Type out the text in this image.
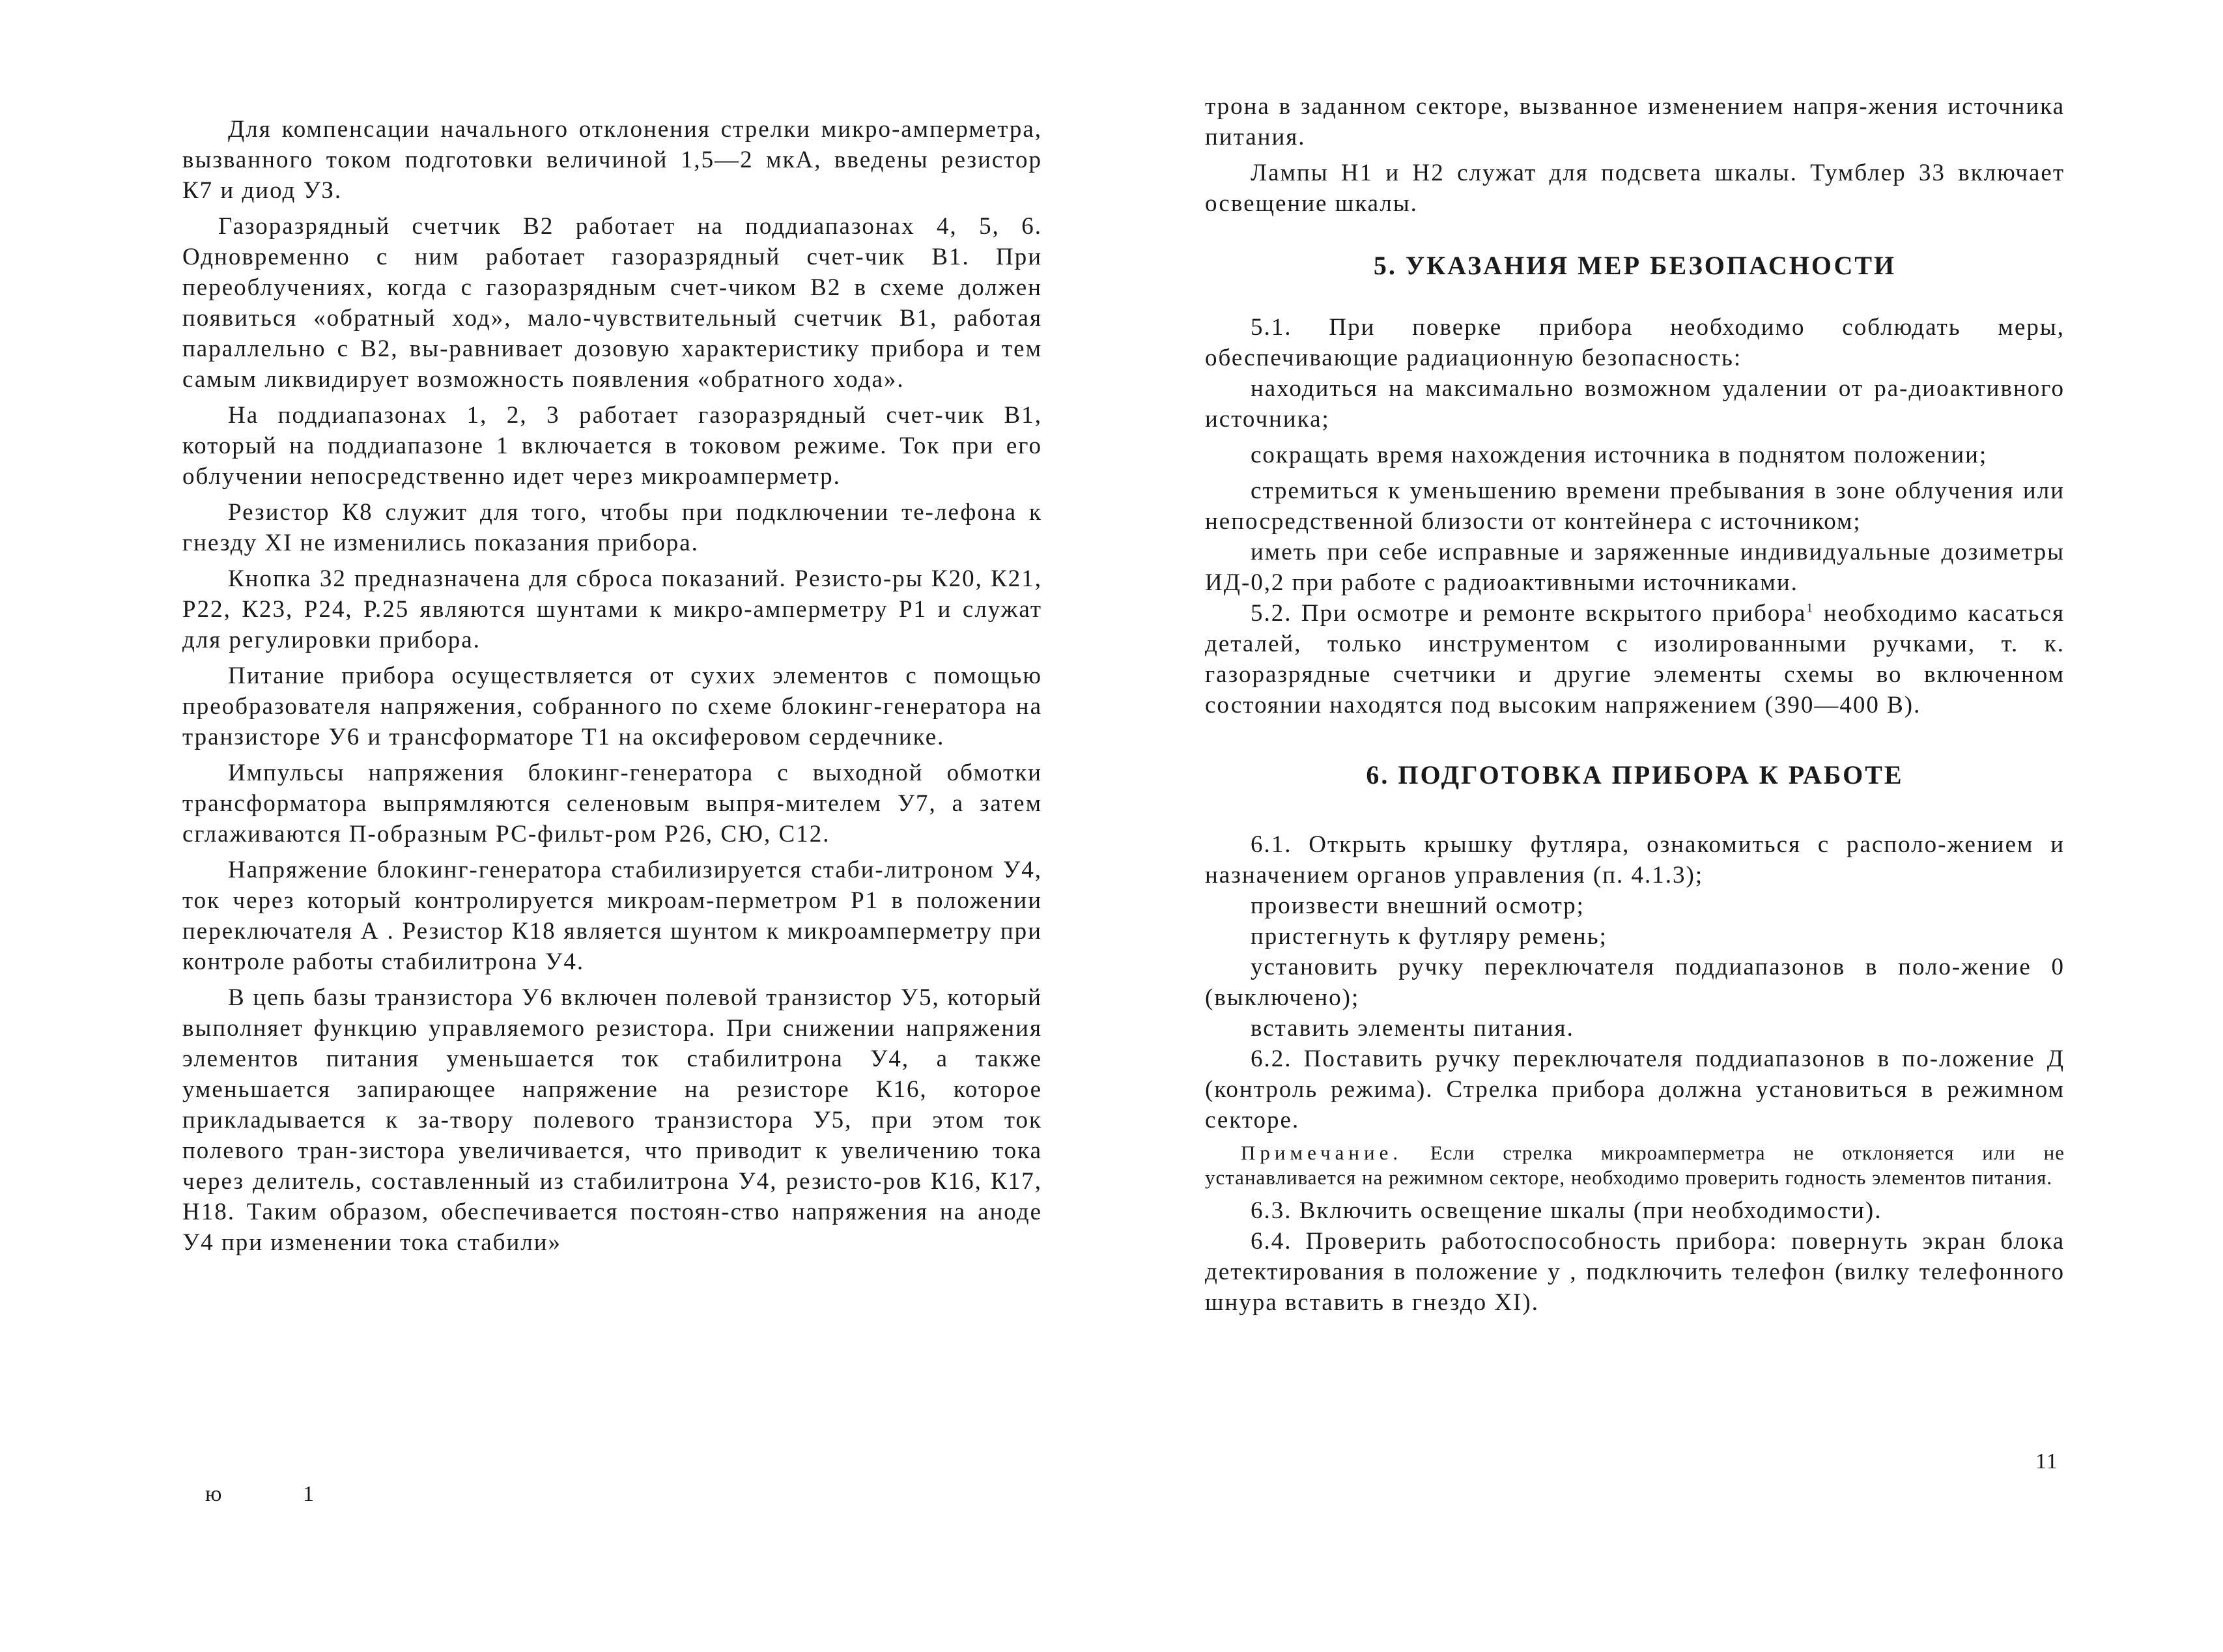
Для компенсации начального отклонения стрелки микро-амперметра, вызванного током подготовки величиной 1,5—2 мкА, введены резистор К7 и диод УЗ.

Газоразрядный счетчик В2 работает на поддиапазонах 4, 5, 6. Одновременно с ним работает газоразрядный счет-чик В1. При переоблучениях, когда с газоразрядным счет-чиком В2 в схеме должен появиться «обратный ход», мало-чувствительный счетчик В1, работая параллельно с В2, вы-равнивает дозовую характеристику прибора и тем самым ликвидирует возможность появления «обратного хода».

На поддиапазонах 1, 2, 3 работает газоразрядный счет-чик В1, который на поддиапазоне 1 включается в токовом режиме. Ток при его облучении непосредственно идет через микроамперметр.

Резистор К8 служит для того, чтобы при подключении те-лефона к гнезду XI не изменились показания прибора.

Кнопка 32 предназначена для сброса показаний. Резисто-ры К20, К21, Р22, К23, Р24, Р.25 являются шунтами к микро-амперметру Р1 и служат для регулировки прибора.

Питание прибора осуществляется от сухих элементов с помощью преобразователя напряжения, собранного по схеме блокинг-генератора на транзисторе У6 и трансформаторе Т1 на оксиферовом сердечнике.

Импульсы напряжения блокинг-генератора с выходной обмотки трансформатора выпрямляются селеновым выпря-мителем У7, а затем сглаживаются П-образным РС-фильт-ром Р26, СЮ, С12.

Напряжение блокинг-генератора стабилизируется стаби-литроном У4, ток через который контролируется микроам-перметром Р1 в положении переключателя А . Резистор К18 является шунтом к микроамперметру при контроле работы стабилитрона У4.

В цепь базы транзистора У6 включен полевой транзистор У5, который выполняет функцию управляемого резистора. При снижении напряжения элементов питания уменьшается ток стабилитрона У4, а также уменьшается запирающее напряжение на резисторе К16, которое прикладывается к за-твору полевого транзистора У5, при этом ток полевого тран-зистора увеличивается, что приводит к увеличению тока через делитель, составленный из стабилитрона У4, резисто-ров К16, К17, Н18. Таким образом, обеспечивается постоян-ство напряжения на аноде У4 при изменении тока стабили»

ю	1

трона в заданном секторе, вызванное изменением напря-жения источника питания.

Лампы Н1 и Н2 служат для подсвета шкалы. Тумблер 33 включает освещение шкалы.

5. УКАЗАНИЯ МЕР БЕЗОПАСНОСТИ

5.1. При поверке прибора необходимо соблюдать меры, обеспечивающие радиационную безопасность:

находиться на максимально возможном удалении от ра-диоактивного источника;

сокращать время нахождения источника в поднятом положении;

стремиться к уменьшению времени пребывания в зоне облучения или непосредственной близости от контейнера с источником;

иметь при себе исправные и заряженные индивидуальные дозиметры ИД-0,2 при работе с радиоактивными источниками.

5.2. При осмотре и ремонте вскрытого прибора$^1$ необходимо касаться деталей, только инструментом с изолированными ручками, т. к. газоразрядные счетчики и другие элементы схемы во включенном состоянии находятся под высоким напряжением (390—400 В).

6. ПОДГОТОВКА ПРИБОРА К РАБОТЕ

6.1. Открыть крышку футляра, ознакомиться с располо-жением и назначением органов управления (п. 4.1.3);

произвести внешний осмотр;

пристегнуть к футляру ремень;

установить ручку переключателя поддиапазонов в поло-жение 0 (выключено);

вставить элементы питания.

6.2. Поставить ручку переключателя поддиапазонов в по-ложение Д (контроль режима). Стрелка прибора должна установиться в режимном секторе.

Примечание. Если стрелка микроамперметра не отклоняется или не устанавливается на режимном секторе, необходимо проверить годность элементов питания.

6.3. Включить освещение шкалы (при необходимости).

6.4. Проверить работоспособность прибора: повернуть экран блока детектирования в положение у , подключить телефон (вилку телефонного шнура вставить в гнездо XI).

11
